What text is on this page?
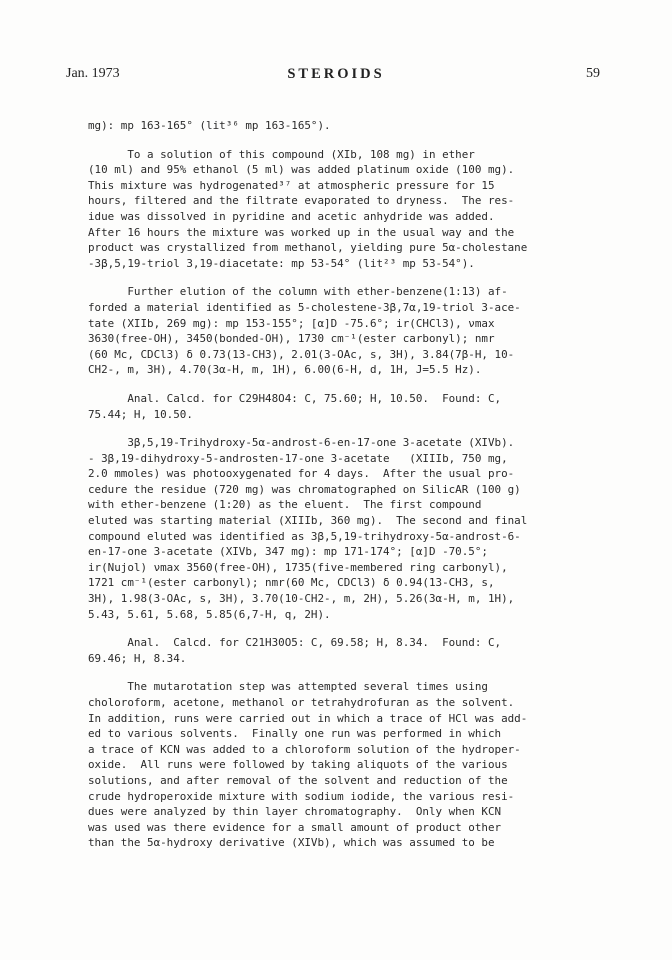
Jan. 1973	STEROIDS	59
mg): mp 163-165° (lit³⁶ mp 163-165°).
To a solution of this compound (XIb, 108 mg) in ether
(10 ml) and 95% ethanol (5 ml) was added platinum oxide (100 mg).
This mixture was hydrogenated³⁷ at atmospheric pressure for 15
hours, filtered and the filtrate evaporated to dryness.  The res-
idue was dissolved in pyridine and acetic anhydride was added.
After 16 hours the mixture was worked up in the usual way and the
product was crystallized from methanol, yielding pure 5α-cholestane
-3β,5,19-triol 3,19-diacetate: mp 53-54° (lit²³ mp 53-54°).
Further elution of the column with ether-benzene(1:13) af-
forded a material identified as 5-cholestene-3β,7α,19-triol 3-ace-
tate (XIIb, 269 mg): mp 153-155°; [α]D -75.6°; ir(CHCl3), νmax
3630(free-OH), 3450(bonded-OH), 1730 cm⁻¹(ester carbonyl); nmr
(60 Mc, CDCl3) δ 0.73(13-CH3), 2.01(3-OAc, s, 3H), 3.84(7β-H, 10-
CH2-, m, 3H), 4.70(3α-H, m, 1H), 6.00(6-H, d, 1H, J=5.5 Hz).
Anal. Calcd. for C29H48O4: C, 75.60; H, 10.50.  Found: C,
75.44; H, 10.50.
3β,5,19-Trihydroxy-5α-androst-6-en-17-one 3-acetate (XIVb).
- 3β,19-dihydroxy-5-androsten-17-one 3-acetate   (XIIIb, 750 mg,
2.0 mmoles) was photooxygenated for 4 days.  After the usual pro-
cedure the residue (720 mg) was chromatographed on SilicAR (100 g)
with ether-benzene (1:20) as the eluent.  The first compound
eluted was starting material (XIIIb, 360 mg).  The second and final
compound eluted was identified as 3β,5,19-trihydroxy-5α-androst-6-
en-17-one 3-acetate (XIVb, 347 mg): mp 171-174°; [α]D -70.5°;
ir(Nujol) νmax 3560(free-OH), 1735(five-membered ring carbonyl),
1721 cm⁻¹(ester carbonyl); nmr(60 Mc, CDCl3) δ 0.94(13-CH3, s,
3H), 1.98(3-OAc, s, 3H), 3.70(10-CH2-, m, 2H), 5.26(3α-H, m, 1H),
5.43, 5.61, 5.68, 5.85(6,7-H, q, 2H).
Anal.  Calcd. for C21H30O5: C, 69.58; H, 8.34.  Found: C,
69.46; H, 8.34.
The mutarotation step was attempted several times using
choloroform, acetone, methanol or tetrahydrofuran as the solvent.
In addition, runs were carried out in which a trace of HCl was add-
ed to various solvents.  Finally one run was performed in which
a trace of KCN was added to a chloroform solution of the hydroper-
oxide.  All runs were followed by taking aliquots of the various
solutions, and after removal of the solvent and reduction of the
crude hydroperoxide mixture with sodium iodide, the various resi-
dues were analyzed by thin layer chromatography.  Only when KCN
was used was there evidence for a small amount of product other
than the 5α-hydroxy derivative (XIVb), which was assumed to be
